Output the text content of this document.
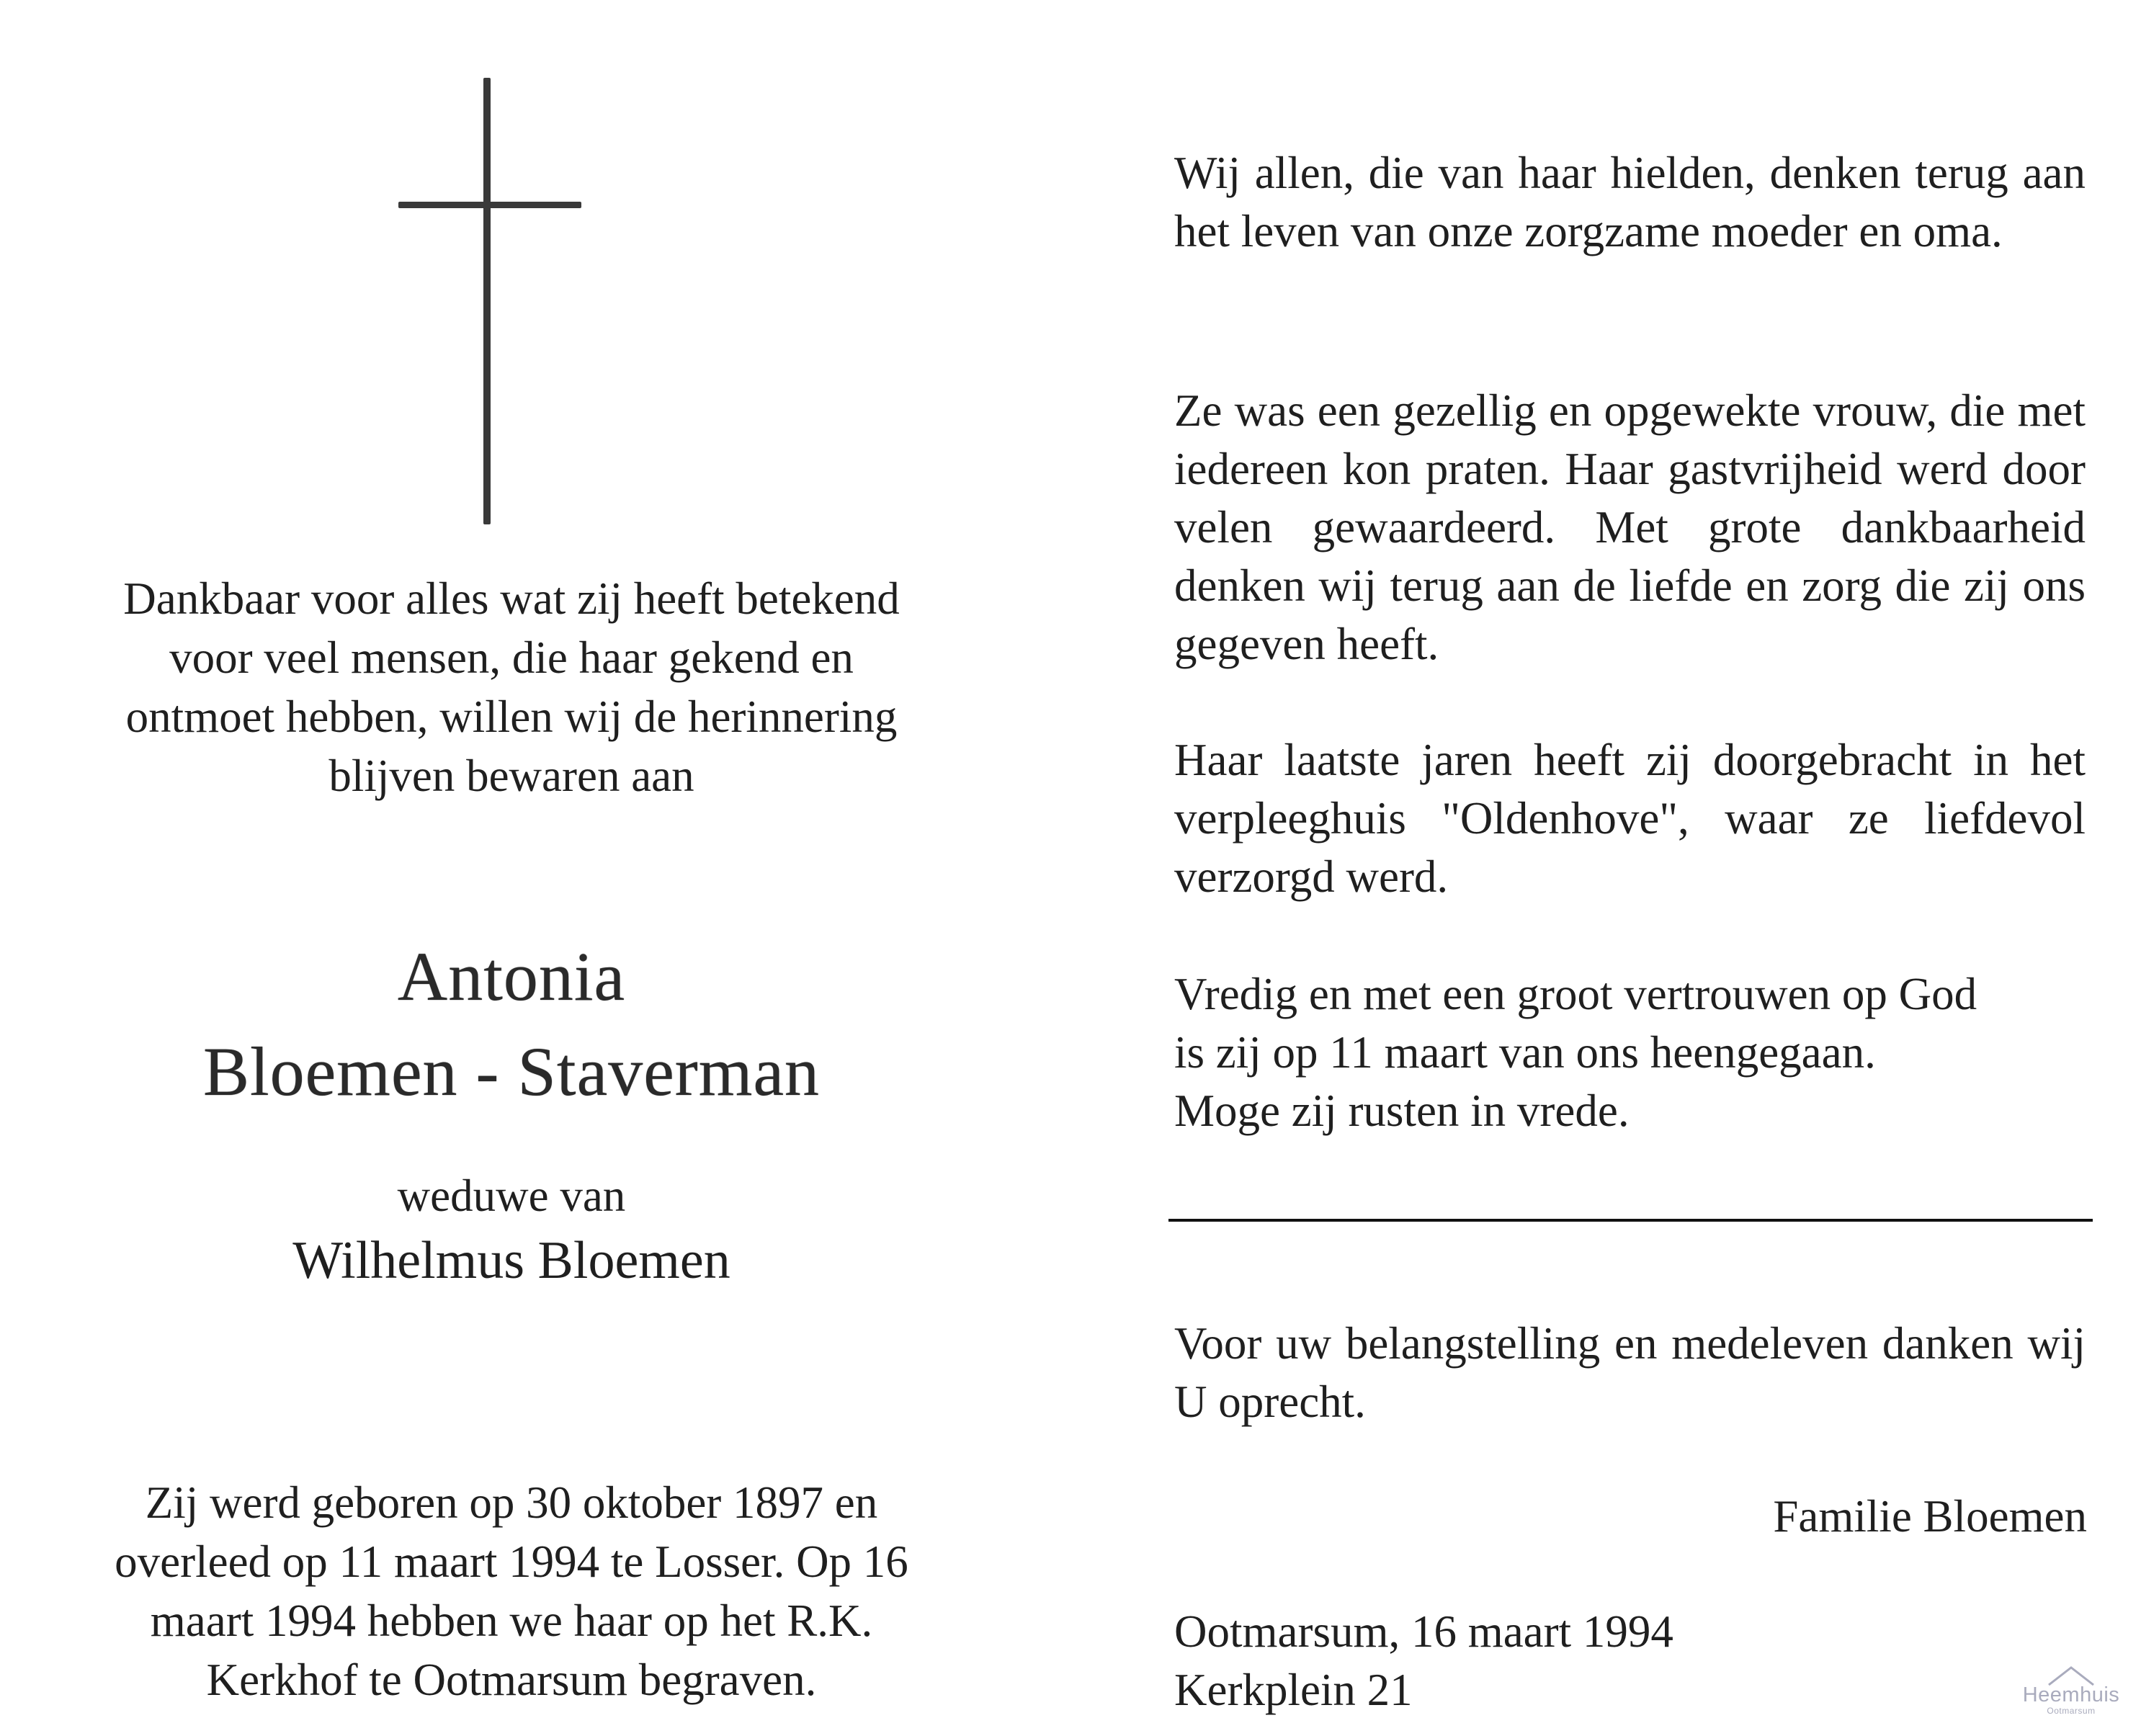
Dankbaar voor alles wat zij heeft betekend
voor veel mensen, die haar gekend en
ontmoet hebben, willen wij de herinnering
blijven bewaren aan
Antonia
Bloemen - Staverman
weduwe van
Wilhelmus Bloemen
Zij werd geboren op 30 oktober 1897 en
overleed op 11 maart 1994 te Losser. Op 16
maart 1994 hebben we haar op het R.K.
Kerkhof te Ootmarsum begraven.

Wij allen, die van haar hielden, denken terug aan het leven van onze zorgzame moeder en oma.

Ze was een gezellig en opgewekte vrouw, die met iedereen kon praten. Haar gastvrijheid werd door velen gewaardeerd. Met grote dankbaarheid denken wij terug aan de liefde en zorg die zij ons gegeven heeft.

Haar laatste jaren heeft zij doorgebracht in het verpleeghuis "Oldenhove", waar ze liefdevol verzorgd werd.

Vredig en met een groot vertrouwen op God
is zij op 11 maart van ons heengegaan.
Moge zij rusten in vrede.

Voor uw belangstelling en medeleven danken wij U oprecht.

Familie Bloemen
Ootmarsum, 16 maart 1994
Kerkplein 21	Heemhuis
Ootmarsum
